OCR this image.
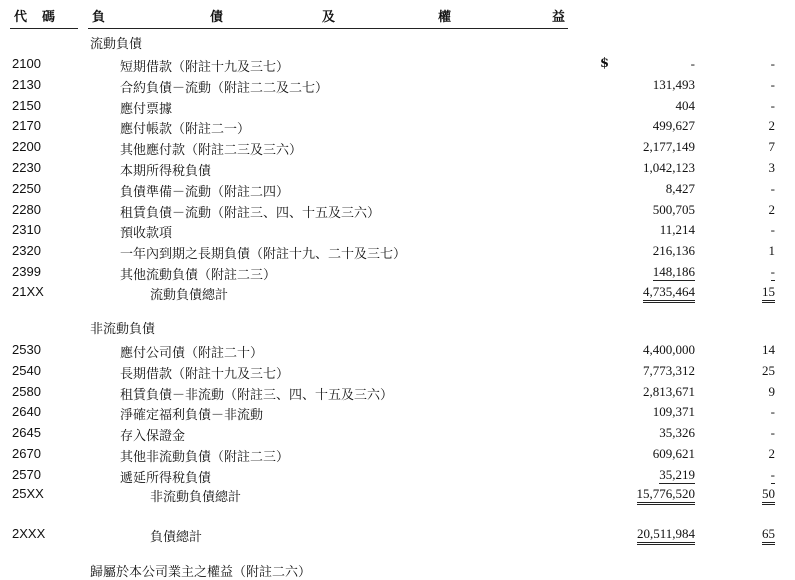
代　碼	負	債	及	權	益
流動負債
2100	短期借款（附註十九及三七）	-	-
$
2130	合約負債－流動（附註二二及二七）	131,493	-
2150	應付票據	404	-
2170	應付帳款（附註二一）	499,627	2
2200	其他應付款（附註二三及三六）	2,177,149	7
2230	本期所得稅負債	1,042,123	3
2250	負債準備－流動（附註二四）	8,427	-
2280	租賃負債－流動（附註三、四、十五及三六）	500,705	2
2310	預收款項	11,214	-
2320	一年內到期之長期負債（附註十九、二十及三七）	216,136	1
2399	其他流動負債（附註二三）	148,186	-
21XX	流動負債總計	4,735,464	15
非流動負債
2530	應付公司債（附註二十）	4,400,000	14
2540	長期借款（附註十九及三七）	7,773,312	25
2580	租賃負債－非流動（附註三、四、十五及三六）	2,813,671	9
2640	淨確定福利負債－非流動	109,371	-
2645	存入保證金	35,326	-
2670	其他非流動負債（附註二三）	609,621	2
2570	遞延所得稅負債	35,219	-
25XX	非流動負債總計	15,776,520	50
2XXX	負債總計	20,511,984	65
歸屬於本公司業主之權益（附註二六）
